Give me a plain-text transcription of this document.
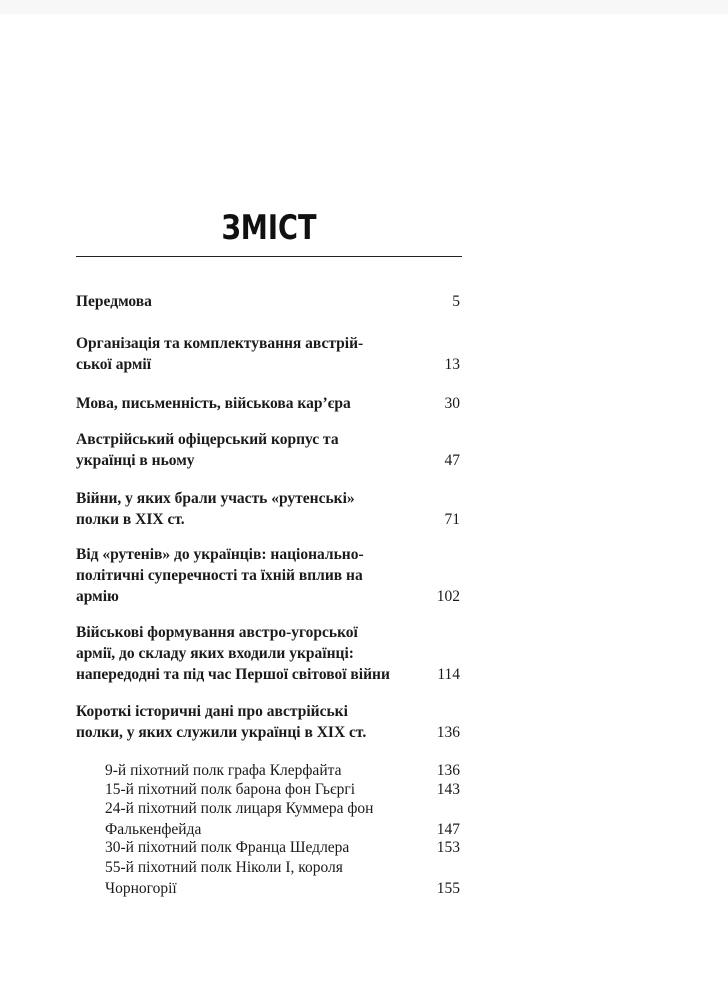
ЗМІСТ
Передмова	5
Організація та комплектування австрій-
ської армії	13
Мова, письменність, військова кар’єра	30
Австрійський офіцерський корпус та
українці в ньому	47
Війни, у яких брали участь «рутенські»
полки в ХІХ ст.	71
Від «рутенів» до українців: національно-
політичні суперечності та їхній вплив на
армію	102
Військові формування австро-угорської
армії, до складу яких входили українці:
напередодні та під час Першої світової війни	114
Короткі історичні дані про австрійські
полки, у яких служили українці в ХІХ ст.	136
9-й піхотний полк графа Клерфайта	136
15-й піхотний полк барона фон Гьєргі	143
24-й піхотний полк лицаря Куммера фон
Фалькенфейда	147
30-й піхотний полк Франца Шедлера	153
55-й піхотний полк Ніколи І, короля
Чорногорії	155
